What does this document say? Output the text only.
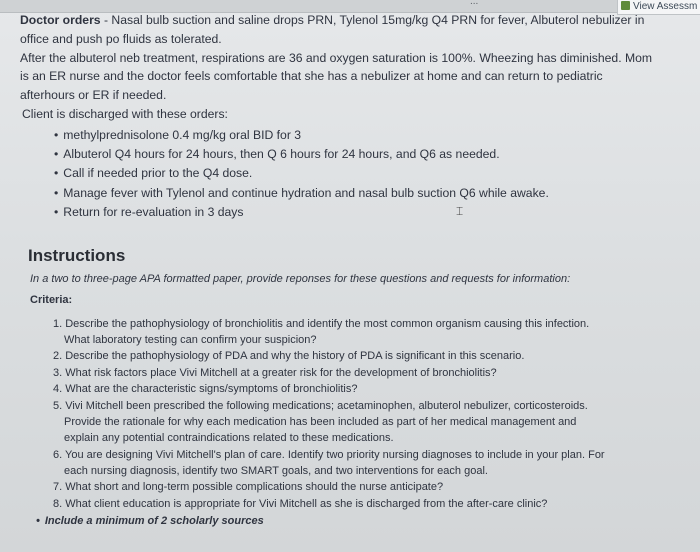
...	View Assessm
Doctor orders - Nasal bulb suction and saline drops PRN, Tylenol 15mg/kg Q4 PRN for fever, Albuterol nebulizer in
office and push po fluids as tolerated.
After the albuterol neb treatment, respirations are 36 and oxygen saturation is 100%. Wheezing has diminished. Mom
is an ER nurse and the doctor feels comfortable that she has a nebulizer at home and can return to pediatric
afterhours or ER if needed.
Client is discharged with these orders:
• methylprednisolone 0.4 mg/kg oral BID for 3
• Albuterol Q4 hours for 24 hours, then Q 6 hours for 24 hours, and Q6 as needed.
• Call if needed prior to the Q4 dose.
• Manage fever with Tylenol and continue hydration and nasal bulb suction Q6 while awake.
• Return for re-evaluation in 3 days	⌶
Instructions
In a two to three-page APA formatted paper, provide reponses for these questions and requests for information:
Criteria:
1. Describe the pathophysiology of bronchiolitis and identify the most common organism causing this infection.
What laboratory testing can confirm your suspicion?
2. Describe the pathophysiology of PDA and why the history of PDA is significant in this scenario.
3. What risk factors place Vivi Mitchell at a greater risk for the development of bronchiolitis?
4. What are the characteristic signs/symptoms of bronchiolitis?
5. Vivi Mitchell been prescribed the following medications; acetaminophen, albuterol nebulizer, corticosteroids.
Provide the rationale for why each medication has been included as part of her medical management and
explain any potential contraindications related to these medications.
6. You are designing Vivi Mitchell's plan of care. Identify two priority nursing diagnoses to include in your plan. For
each nursing diagnosis, identify two SMART goals, and two interventions for each goal.
7. What short and long-term possible complications should the nurse anticipate?
8. What client education is appropriate for Vivi Mitchell as she is discharged from the after-care clinic?
• Include a minimum of 2 scholarly sources
